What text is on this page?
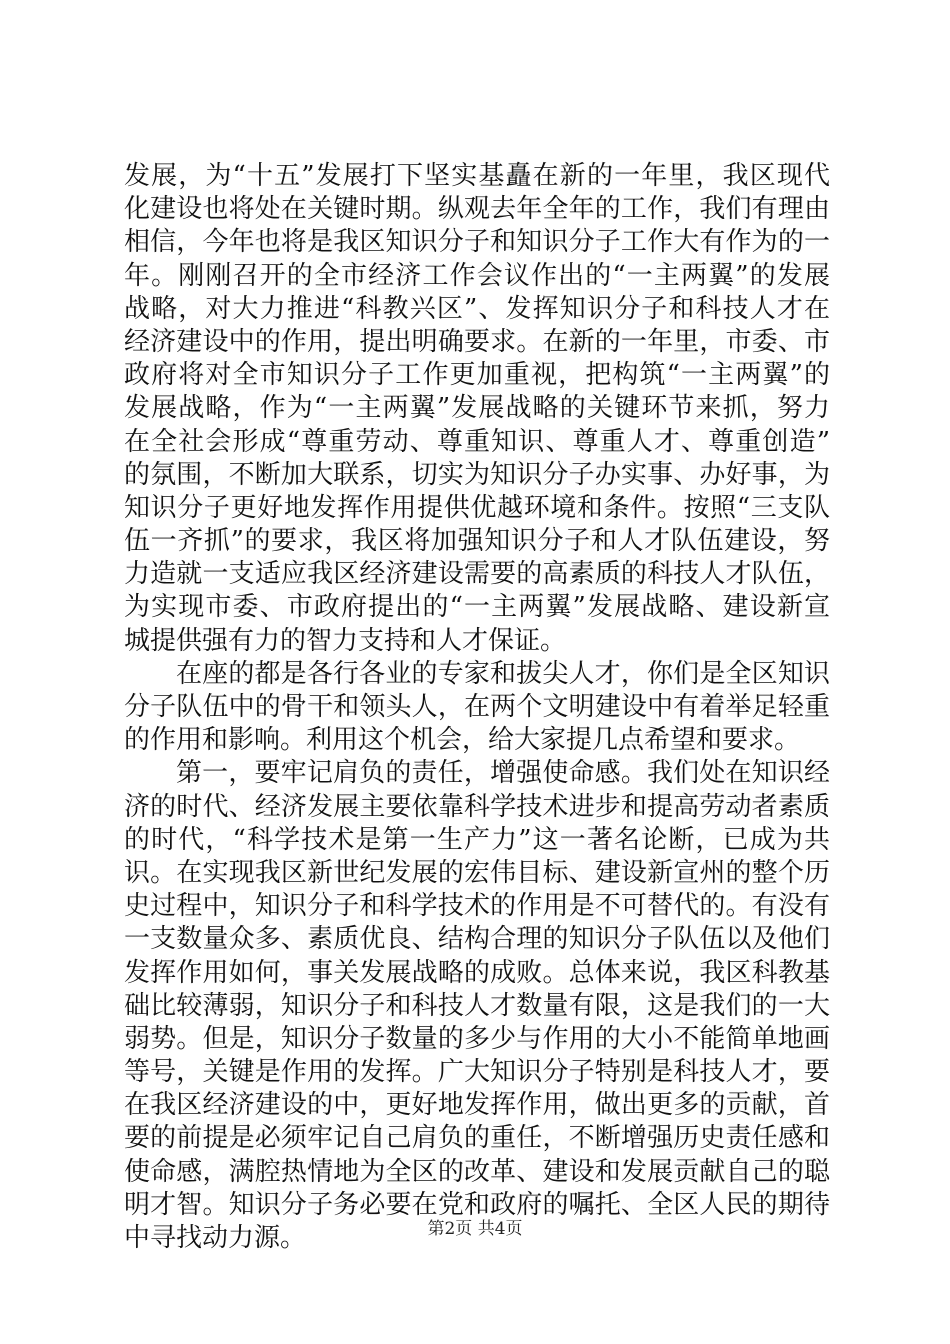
发展，为“十五”发展打下坚实基矗在新的一年里，我区现代
化建设也将处在关键时期。纵观去年全年的工作，我们有理由
相信，今年也将是我区知识分子和知识分子工作大有作为的一
年。刚刚召开的全市经济工作会议作出的“一主两翼”的发展
战略，对大力推进“科教兴区”、发挥知识分子和科技人才在
经济建设中的作用，提出明确要求。在新的一年里，市委、市
政府将对全市知识分子工作更加重视，把构筑“一主两翼”的
发展战略，作为“一主两翼”发展战略的关键环节来抓，努力
在全社会形成“尊重劳动、尊重知识、尊重人才、尊重创造”
的氛围，不断加大联系，切实为知识分子办实事、办好事，为
知识分子更好地发挥作用提供优越环境和条件。按照“三支队
伍一齐抓”的要求，我区将加强知识分子和人才队伍建设，努
力造就一支适应我区经济建设需要的高素质的科技人才队伍，
为实现市委、市政府提出的“一主两翼”发展战略、建设新宣
城提供强有力的智力支持和人才保证。
在座的都是各行各业的专家和拔尖人才，你们是全区知识
分子队伍中的骨干和领头人，在两个文明建设中有着举足轻重
的作用和影响。利用这个机会，给大家提几点希望和要求。
第一，要牢记肩负的责任，增强使命感。我们处在知识经
济的时代、经济发展主要依靠科学技术进步和提高劳动者素质
的时代，“科学技术是第一生产力”这一著名论断，已成为共
识。在实现我区新世纪发展的宏伟目标、建设新宣州的整个历
史过程中，知识分子和科学技术的作用是不可替代的。有没有
一支数量众多、素质优良、结构合理的知识分子队伍以及他们
发挥作用如何，事关发展战略的成败。总体来说，我区科教基
础比较薄弱，知识分子和科技人才数量有限，这是我们的一大
弱势。但是，知识分子数量的多少与作用的大小不能简单地画
等号，关键是作用的发挥。广大知识分子特别是科技人才，要
在我区经济建设的中，更好地发挥作用，做出更多的贡献，首
要的前提是必须牢记自己肩负的重任，不断增强历史责任感和
使命感，满腔热情地为全区的改革、建设和发展贡献自己的聪
明才智。知识分子务必要在党和政府的嘱托、全区人民的期待
中寻找动力源。	第2页 共4页
